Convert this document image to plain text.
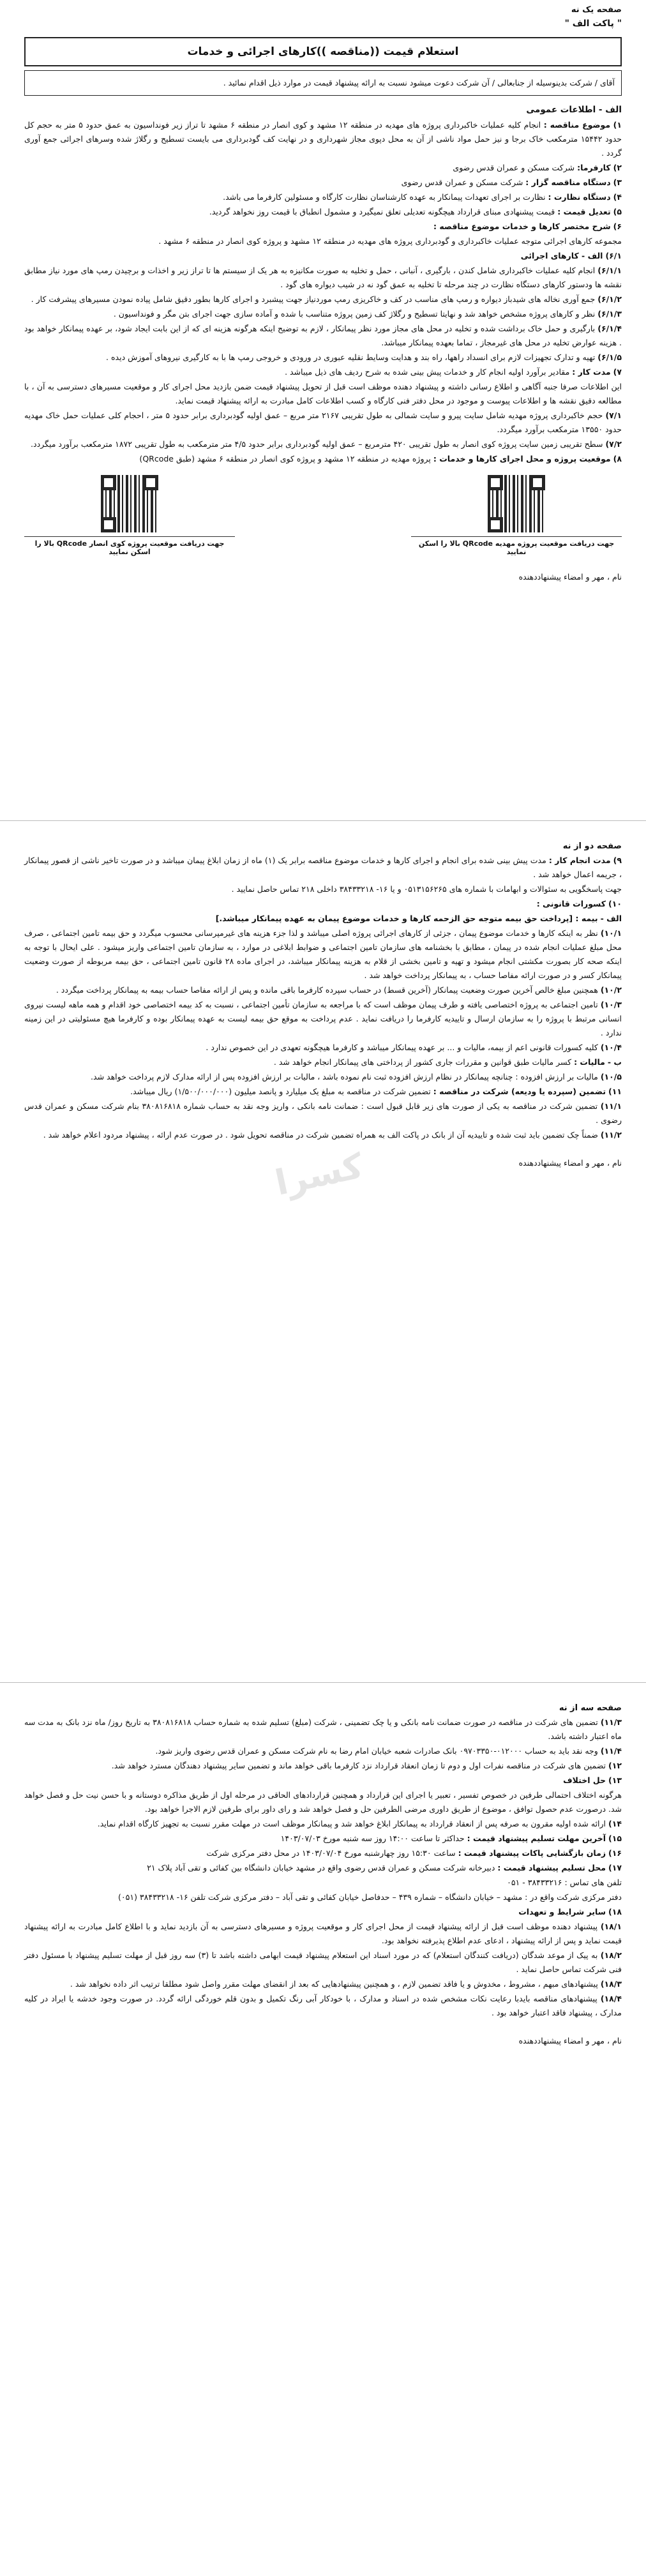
صفحه یک نه
" پاکت الف "
استعلام قیمت ((مناقصه ))کارهای اجرائی و خدمات
آقای / شرکت بدینوسیله از جنابعالی / آن شرکت دعوت میشود نسبت به ارائه پیشنهاد قیمت در موارد ذیل اقدام نمائید .
الف - اطلاعات عمومی
۱) موضوع مناقصه : انجام کلیه عملیات خاکبرداری پروژه های مهدیه در منطقه ۱۲ مشهد و کوی انصار در منطقه ۶ مشهد تا تراز زیر فونداسیون به عمق حدود ۵ متر به حجم کل حدود ۱۵۴۴۲ مترمکعب خاک برجا و نیز حمل مواد ناشی از آن به محل دپوی مجاز شهرداری و در نهایت کف گودبرداری می بایست تسطیح و رگلاژ شده وسرهای اجرائی جمع آوری گردد .
۲) کارفرما: شرکت مسکن و عمران قدس رضوی
۳) دستگاه مناقصه گزار : شرکت مسکن و عمران قدس رضوی
۴) دستگاه نظارت : نظارت بر اجرای تعهدات پیمانکار به عهده کارشناسان نظارت کارگاه و مسئولین کارفرما می باشد.
۵) تعدیل قیمت : قیمت پیشنهادی مبنای قرارداد هیچگونه تعدیلی تعلق نمیگیرد و مشمول انطباق با قیمت روز نخواهد گردید.
۶) شرح مختصر کارها و خدمات موضوع مناقصه :
مجموعه کارهای اجرائی متوجه عملیات خاکبرداری و گودبرداری پروژه های مهدیه در منطقه ۱۲ مشهد و پروژه کوی انصار در منطقه ۶ مشهد .
۶/۱) الف - کارهای اجرائی
۶/۱/۱) انجام کلیه عملیات خاکبرداری شامل کندن ، بارگیری ، آنبانی ، حمل و تخلیه به صورت مکانیزه به هر یک از سیستم ها تا تراز زیر و اخذات و برچیدن رمپ های مورد نیاز مطابق نقشه ها ودستور کارهای دستگاه نظارت در چند مرحله تا تخلیه به عمق گود نه در شیب دیواره های گود .
۶/۱/۲) جمع آوری نخاله های شیدباز دیواره و رمپ های مناسب در کف و خاکریزی رمپ موردنیاز جهت پیشبرد و اجرای کارها بطور دقیق شامل پیاده نمودن مسیرهای پیشرفت کار .
۶/۱/۳) نظر و کارهای پروژه مشخص خواهد شد و نهایتا تسطیح و رگلاژ کف زمین پروژه متناسب با شده و آماده سازی جهت اجرای بتن مگر و فونداسیون .
۶/۱/۴) بارگیری و حمل خاک برداشت شده و تخلیه در محل های مجاز مورد نظر پیمانکار ، لازم به توضیح اینکه هرگونه هزینه ای که از این بابت ایجاد شود، بر عهده پیمانکار خواهد بود . هزینه عوارض تخلیه در محل های غیرمجاز ، تماما بعهده پیمانکار میباشد.
۶/۱/۵) تهیه و تدارک تجهیزات لازم برای انسداد راهها، راه بند و هدایت وسایط نقلیه عبوری در ورودی و خروجی رمپ ها با به کارگیری نیروهای آموزش دیده .
۷) مدت کار : مقادیر برآورد اولیه انجام کار و خدمات پیش بینی شده به شرح ردیف های ذیل میباشد .
این اطلاعات صرفا جنبه آگاهی و اطلاع رسانی داشته و پیشنهاد دهنده موظف است قبل از تحویل پیشنهاد قیمت ضمن بازدید محل اجرای کار و موقعیت مسیرهای دسترسی به آن ، با مطالعه دقیق نقشه ها و اطلاعات پیوست و موجود در محل دفتر فنی کارگاه و کسب اطلاعات کامل مبادرت به ارائه پیشنهاد قیمت نماید.
۷/۱) حجم خاکبرداری پروژه مهدیه شامل سایت پیرو و سایت شمالی به طول تقریبی ۲۱۶۷ متر مربع – عمق اولیه گودبرداری برابر حدود ۵ متر ، احجام کلی عملیات حمل خاک مهدیه حدود ۱۳۵۵۰ مترمکعب برآورد میگردد.
۷/۲) سطح تقریبی زمین سایت پروژه کوی انصار به طول تقریبی ۴۲۰ مترمربع – عمق اولیه گودبرداری برابر حدود ۴/۵ متر مترمکعب به طول تقریبی ۱۸۷۲ مترمکعب برآورد میگردد.
۸) موقعیت پروژه و محل اجرای کارها و خدمات : پروژه مهدیه در منطقه ۱۲ مشهد و پروژه کوی انصار در منطقه ۶ مشهد (طبق QRcode)
جهت دریافت موقعیت پروژه مهدیه QRcode بالا را اسکن نمایید
جهت دریافت موقعیت پروژه کوی انصار QRcode بالا را اسکن نمایید
نام ، مهر و امضاء پیشنهاددهنده
صفحه دو از نه
۹) مدت انجام کار : مدت پیش بینی شده برای انجام و اجرای کارها و خدمات موضوع مناقصه برابر یک (۱) ماه از زمان ابلاغ پیمان میباشد و در صورت تاخیر ناشی از قصور پیمانکار ، جریمه اعمال خواهد شد .
جهت پاسخگویی به سئوالات و ابهامات با شماره های ۰۵۱۳۱۵۶۲۶۵ و یا ۱۶- ۳۸۴۳۳۲۱۸ داخلی ۲۱۸ تماس حاصل نمایید .
۱۰) کسورات قانونی :
الف - بیمه : [پرداخت حق بیمه متوجه حق الزحمه کارها و خدمات موضوع پیمان به عهده پیمانکار میباشد.]
۱۰/۱) نظر به اینکه کارها و خدمات موضوع پیمان ، جزئی از کارهای اجرائی پروژه اصلی میباشد و لذا جزء هزینه های غیرمپرسانی محسوب میگردد و حق بیمه تامین اجتماعی ، صرف محل مبلغ عملیات انجام شده در پیمان ، مطابق با بخشنامه های سازمان تامین اجتماعی و ضوابط ابلاغی در موارد ، به سازمان تامین اجتماعی واریز میشود . علی ایحال با توجه به اینکه صحه کار بصورت مکشتی انجام میشود و تهیه و تامین بخشی از قلام به هزینه پیمانکار میباشد، در اجرای ماده ۲۸ قانون تامین اجتماعی ، حق بیمه مربوطه از صورت وضعیت پیمانکار کسر و در صورت ارائه مفاصا حساب ، به پیمانکار پرداخت خواهد شد .
۱۰/۲) همچنین مبلغ خالص آخرین صورت وضعیت پیمانکار (آخرین قسط) در حساب سپرده کارفرما باقی مانده و پس از ارائه مفاصا حساب بیمه به پیمانکار پرداخت میگردد .
۱۰/۳) تامین اجتماعی به پروژه اختصاصی یافته و طرف پیمان موظف است که با مراجعه به سازمان تأمین اجتماعی ، نسبت به کد بیمه اختصاصی خود اقدام و همه ماهه لیست نیروی انسانی مرتبط با پروژه را به سازمان ارسال و تاییدیه کارفرما را دریافت نماید . عدم پرداخت به موقع حق بیمه لیست به عهده پیمانکار بوده و کارفرما هیچ مسئولیتی در این زمینه ندارد .
۱۰/۴) کلیه کسورات قانونی اعم از بیمه، مالیات و ... بر عهده پیمانکار میباشد و کارفرما هیچگونه تعهدی در این خصوص ندارد .
ب - مالیات : کسر مالیات طبق قوانین و مقررات جاری کشور از پرداختی های پیمانکار انجام خواهد شد .
۱۰/۵) مالیات بر ارزش افزوده : چنانچه پیمانکار در نظام ارزش افزوده ثبت نام نموده باشد ، مالیات بر ارزش افزوده پس از ارائه مدارک لازم پرداخت خواهد شد.
۱۱) تضمین (سپرده یا ودیعه) شرکت در مناقصه : تضمین شرکت در مناقصه به مبلغ یک میلیارد و پانصد میلیون (۱/۵۰۰/۰۰۰/۰۰۰) ریال میباشد.
۱۱/۱) تضمین شرکت در مناقصه به یکی از صورت های زیر قابل قبول است : ضمانت نامه بانکی ، واریز وجه نقد به حساب شماره ۳۸۰۸۱۶۸۱۸ بنام شرکت مسکن و عمران قدس رضوی .
۱۱/۲) ضمناً چک تضمین باید ثبت شده و تاییدیه آن از بانک در پاکت الف به همراه تضمین شرکت در مناقصه تحویل شود . در صورت عدم ارائه ، پیشنهاد مردود اعلام خواهد شد .
نام ، مهر و امضاء پیشنهاددهنده
کسرا
صفحه سه از نه
۱۱/۳) تضمین های شرکت در مناقصه در صورت ضمانت نامه بانکی و یا چک تضمینی ، شرکت (مبلغ) تسلیم شده به شماره حساب ۳۸۰۸۱۶۸۱۸ به تاریخ روز/ ماه نزد بانک به مدت سه ماه اعتبار داشته باشد.
۱۱/۴) وجه نقد باید به حساب ۰۱۲۰۰۰-۰۹۷۰۳۳۵۰ بانک صادرات شعبه خیابان امام رضا به نام شرکت مسکن و عمران قدس رضوی واریز شود.
۱۲) تضمین های شرکت در مناقصه نفرات اول و دوم تا زمان انعقاد قرارداد نزد کارفرما باقی خواهد ماند و تضمین سایر پیشنهاد دهندگان مسترد خواهد شد.
۱۳) حل اختلاف
هرگونه اختلاف احتمالی طرفین در خصوص تفسیر ، تعبیر یا اجرای این قرارداد و همچنین قراردادهای الحاقی در مرحله اول از طریق مذاکره دوستانه و با حسن نیت حل و فصل خواهد شد. درصورت عدم حصول توافق ، موضوع از طریق داوری مرضی الطرفین حل و فصل خواهد شد و رای داور برای طرفین لازم الاجرا خواهد بود.
۱۴) ارائه شده اولیه مقرون به صرفه پس از انعقاد قرارداد به پیمانکار ابلاغ خواهد شد و پیمانکار موظف است در مهلت مقرر نسبت به تجهیز کارگاه اقدام نماید.
۱۵) آخرین مهلت تسلیم پیشنهاد قیمت : حداکثر تا ساعت ۱۴:۰۰ روز سه شنبه مورخ ۱۴۰۳/۰۷/۰۳
۱۶) زمان بازگشایی پاکات پیشنهاد قیمت : ساعت ۱۵:۳۰ روز چهارشنبه مورخ ۱۴۰۳/۰۷/۰۴ در محل دفتر مرکزی شرکت
۱۷) محل تسلیم پیشنهاد قیمت : دبیرخانه شرکت مسکن و عمران قدس رضوی واقع در مشهد خیابان دانشگاه بین کفائی و تقی آباد پلاک ۲۱
تلفن های تماس : ۳۸۴۳۳۲۱۶ - ۰۵۱
دفتر مرکزی شرکت واقع در : مشهد – خیابان دانشگاه – شماره ۴۳۹ – حدفاصل خیابان کفائی و تقی آباد – دفتر مرکزی شرکت تلفن ۱۶- ۳۸۴۳۳۲۱۸ (۰۵۱)
۱۸) سایر شرایط و تعهدات
۱۸/۱) پیشنهاد دهنده موظف است قبل از ارائه پیشنهاد قیمت از محل اجرای کار و موقعیت پروژه و مسیرهای دسترسی به آن بازدید نماید و با اطلاع کامل مبادرت به ارائه پیشنهاد قیمت نماید و پس از ارائه پیشنهاد ، ادعای عدم اطلاع پذیرفته نخواهد بود.
۱۸/۲) به پیک از موعد شدگان (دریافت کنندگان استعلام) که در مورد اسناد این استعلام پیشنهاد قیمت ابهامی داشته باشد تا (۳) سه روز قبل از مهلت تسلیم پیشنهاد با مسئول دفتر فنی شرکت تماس حاصل نماید .
۱۸/۳) پیشنهادهای مبهم ، مشروط ، مخدوش و یا فاقد تضمین لازم ، و همچنین پیشنهادهایی که بعد از انقضای مهلت مقرر واصل شود مطلقا ترتیب اثر داده نخواهد شد .
۱۸/۴) پیشنهادهای مناقصه بایدبا رعایت نکات مشخص شده در اسناد و مدارک ، با خودکار آبی رنگ تکمیل و بدون قلم خوردگی ارائه گردد. در صورت وجود خدشه یا ایراد در کلیه مدارک ، پیشنهاد فاقد اعتبار خواهد بود .
نام ، مهر و امضاء پیشنهاددهنده
